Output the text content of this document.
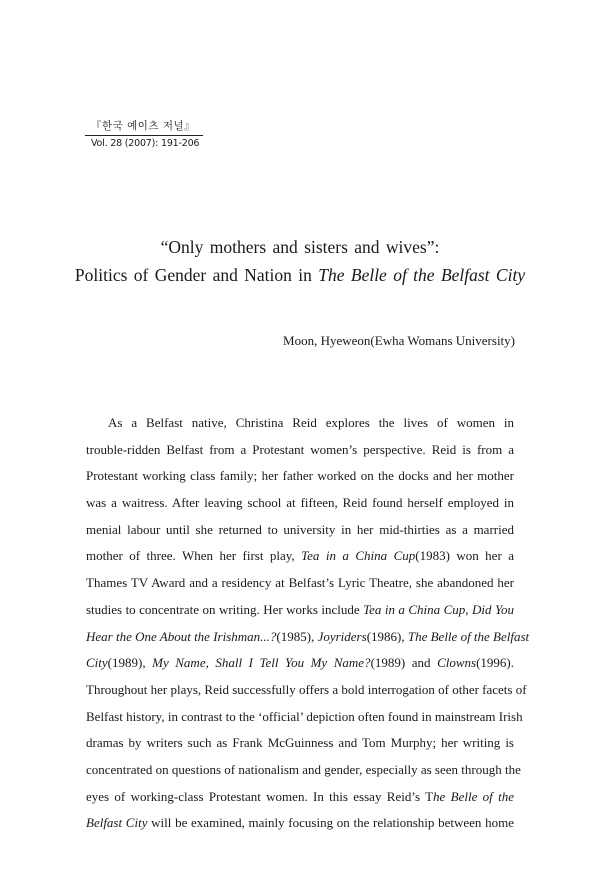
『한국 예이츠 저널』
Vol. 28 (2007): 191-206
“Only mothers and sisters and wives”:
Politics of Gender and Nation in The Belle of the Belfast City
Moon, Hyeweon(Ewha Womans University)
As a Belfast native, Christina Reid explores the lives of women in
trouble-ridden Belfast from a Protestant women’s perspective. Reid is from a
Protestant working class family; her father worked on the docks and her mother
was a waitress. After leaving school at fifteen, Reid found herself employed in
menial labour until she returned to university in her mid-thirties as a married
mother of three. When her first play, Tea in a China Cup(1983) won her a
Thames TV Award and a residency at Belfast’s Lyric Theatre, she abandoned her
studies to concentrate on writing. Her works include Tea in a China Cup, Did You
Hear the One About the Irishman...?(1985), Joyriders(1986), The Belle of the Belfast
City(1989), My Name, Shall I Tell You My Name?(1989) and Clowns(1996).
Throughout her plays, Reid successfully offers a bold interrogation of other facets of
Belfast history, in contrast to the ‘official’ depiction often found in mainstream Irish
dramas by writers such as Frank McGuinness and Tom Murphy; her writing is
concentrated on questions of nationalism and gender, especially as seen through the
eyes of working-class Protestant women. In this essay Reid’s The Belle of the
Belfast City will be examined, mainly focusing on the relationship between home
